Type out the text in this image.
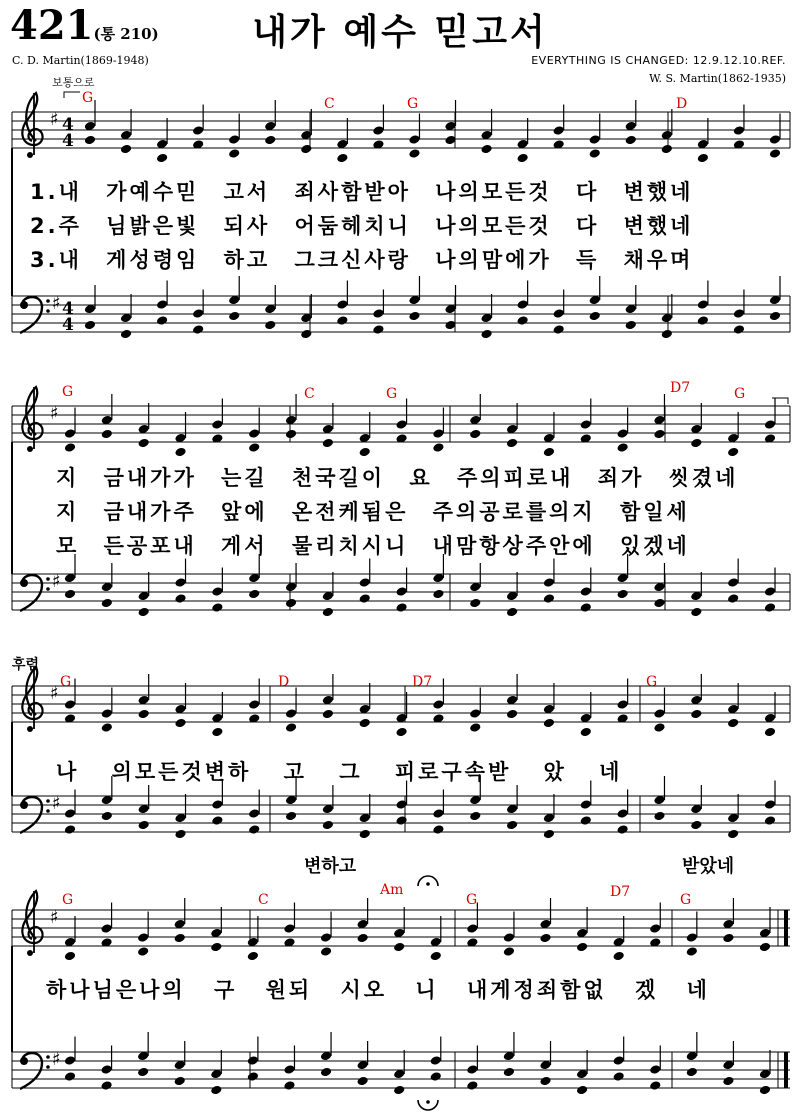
421(통 210)	내가 예수 믿고서
C. D. Martin(1869-1948)
보통으로
EVERYTHING IS CHANGED: 12.9.12.10.REF.
W. S. Martin(1862-1935)
♯ 4
4
♯ 4
4
♯
♯
♯
♯
♯
♯
G	C	G	D
G	C	G	D7	G
G	D	D7	G
G	C
Am
G	D7	G
1.내 가예수믿 고서 죄사함받아 나의모든것 다 변했네
2.주 님밝은빛 되사 어둠헤치니 나의모든것 다 변했네
3.내 게성령임 하고 그크신사랑 나의맘에가 득 채우며
지 금내가가 는길 천국길이 요 주의피로내 죄가 씻겼네
지 금내가주 앞에 온전케됨은 주의공로를의지 함일세
모 든공포내 게서 물리치시니 내맘항상주안에 있겠네
후렴
나 의모든것변하 고 그 피로구속받 았 네
변하고	받았네
하나님은나의 구 원되 시오 니 내게정죄함없 겠 네
